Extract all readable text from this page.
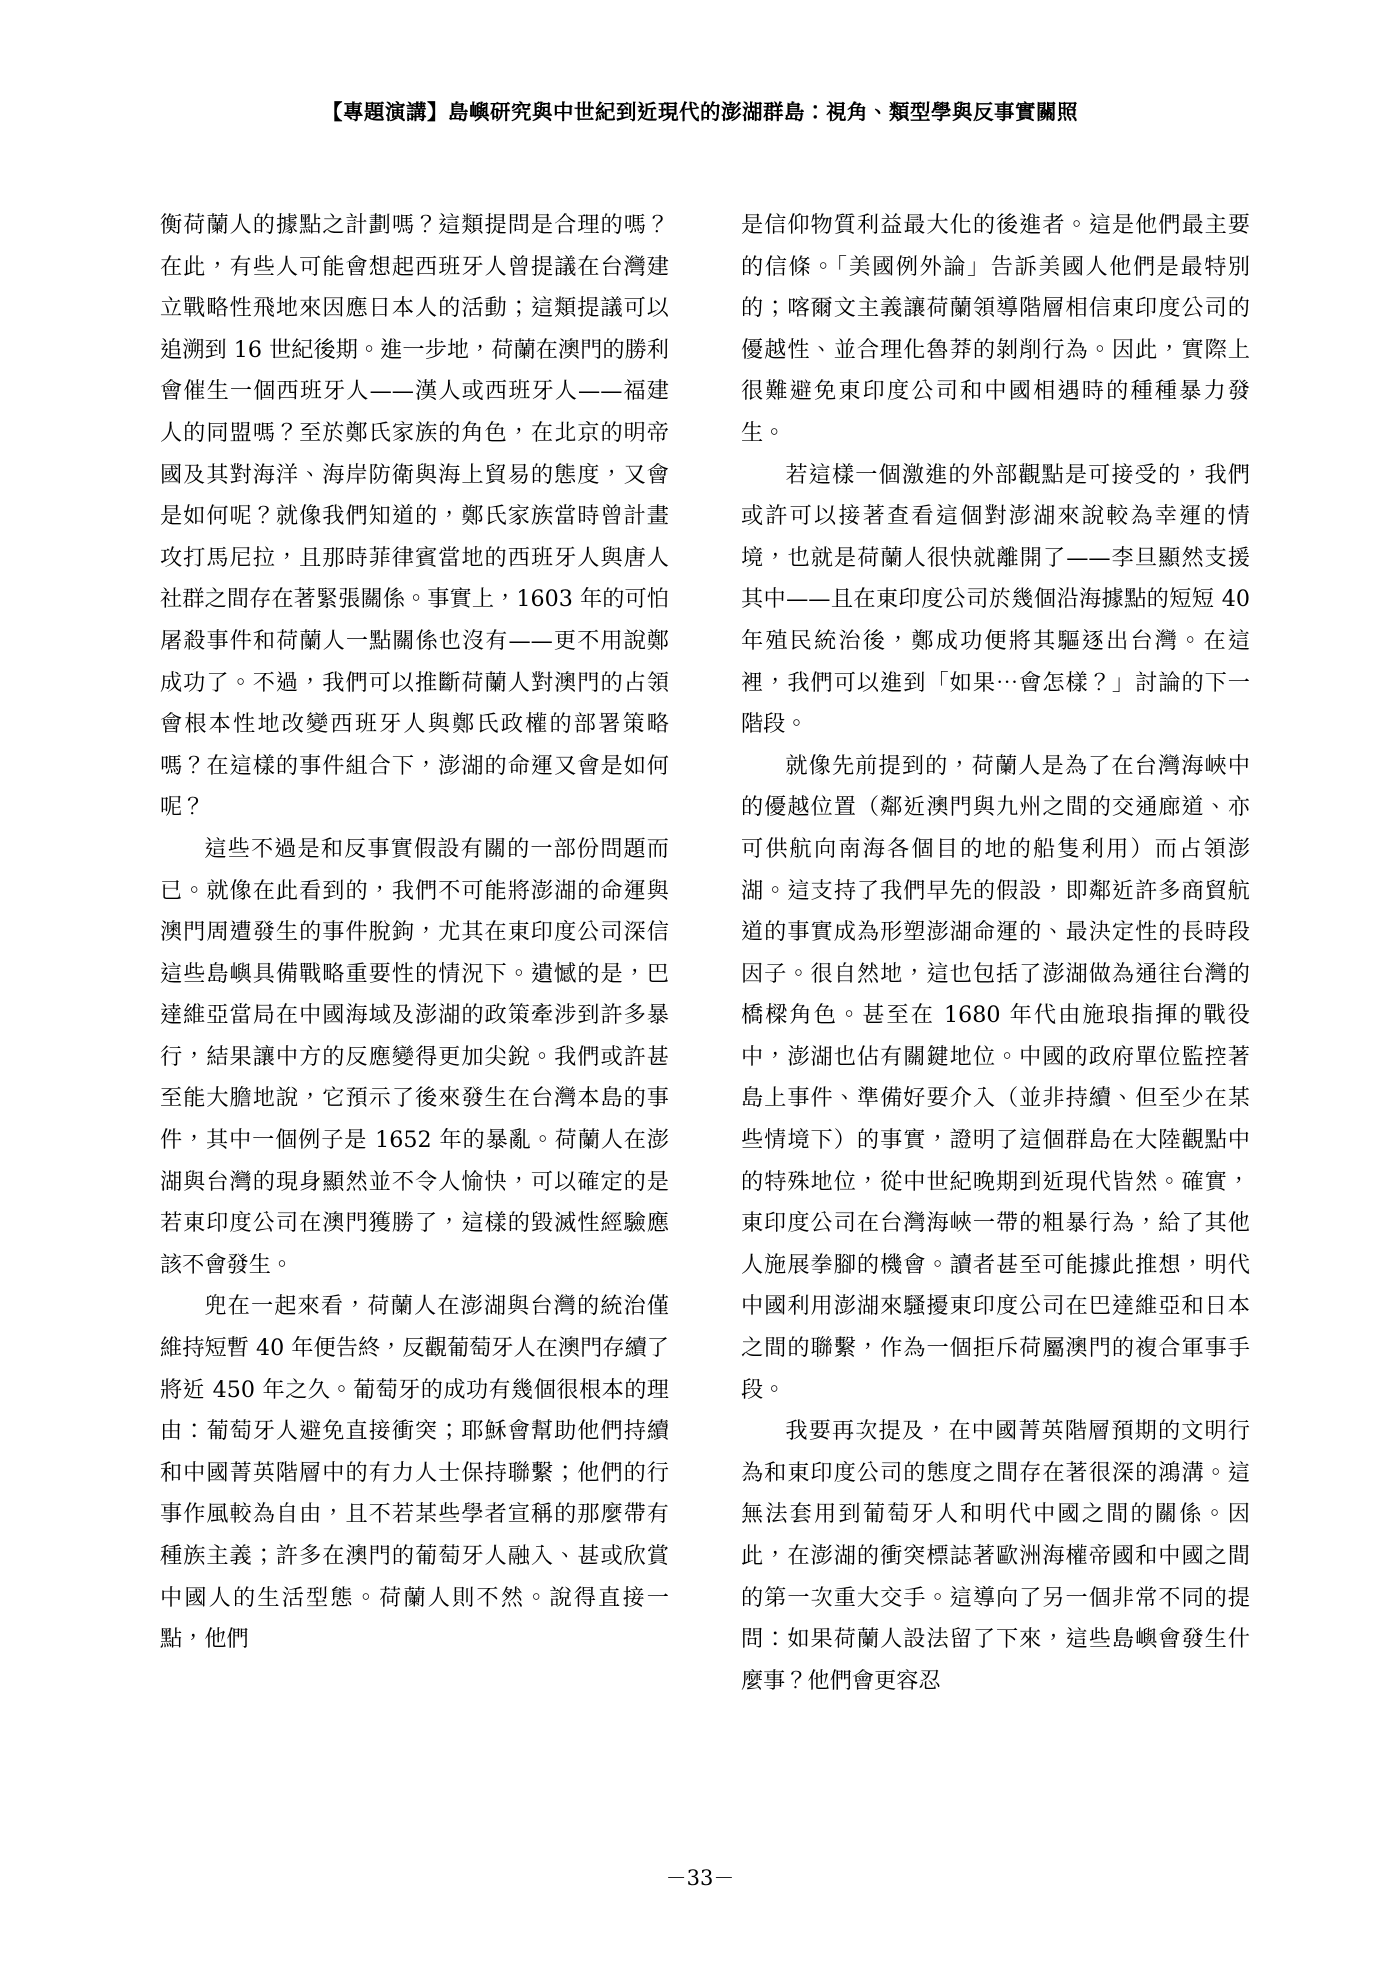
【專題演講】島嶼研究與中世紀到近現代的澎湖群島：視角、類型學與反事實關照

衡荷蘭人的據點之計劃嗎？這類提問是合理的嗎？在此，有些人可能會想起西班牙人曾提議在台灣建立戰略性飛地來因應日本人的活動；這類提議可以追溯到 16 世紀後期。進一步地，荷蘭在澳門的勝利會催生一個西班牙人——漢人或西班牙人——福建人的同盟嗎？至於鄭氏家族的角色，在北京的明帝國及其對海洋、海岸防衛與海上貿易的態度，又會是如何呢？就像我們知道的，鄭氏家族當時曾計畫攻打馬尼拉，且那時菲律賓當地的西班牙人與唐人社群之間存在著緊張關係。事實上，1603 年的可怕屠殺事件和荷蘭人一點關係也沒有——更不用說鄭成功了。不過，我們可以推斷荷蘭人對澳門的占領會根本性地改變西班牙人與鄭氏政權的部署策略嗎？在這樣的事件組合下，澎湖的命運又會是如何呢？

這些不過是和反事實假設有關的一部份問題而已。就像在此看到的，我們不可能將澎湖的命運與澳門周遭發生的事件脫鉤，尤其在東印度公司深信這些島嶼具備戰略重要性的情況下。遺憾的是，巴達維亞當局在中國海域及澎湖的政策牽涉到許多暴行，結果讓中方的反應變得更加尖銳。我們或許甚至能大膽地說，它預示了後來發生在台灣本島的事件，其中一個例子是 1652 年的暴亂。荷蘭人在澎湖與台灣的現身顯然並不令人愉快，可以確定的是若東印度公司在澳門獲勝了，這樣的毀滅性經驗應該不會發生。

兜在一起來看，荷蘭人在澎湖與台灣的統治僅維持短暫 40 年便告終，反觀葡萄牙人在澳門存續了將近 450 年之久。葡萄牙的成功有幾個很根本的理由：葡萄牙人避免直接衝突；耶穌會幫助他們持續和中國菁英階層中的有力人士保持聯繫；他們的行事作風較為自由，且不若某些學者宣稱的那麼帶有種族主義；許多在澳門的葡萄牙人融入、甚或欣賞中國人的生活型態。荷蘭人則不然。說得直接一點，他們

是信仰物質利益最大化的後進者。這是他們最主要的信條。「美國例外論」告訴美國人他們是最特別的；喀爾文主義讓荷蘭領導階層相信東印度公司的優越性、並合理化魯莽的剝削行為。因此，實際上很難避免東印度公司和中國相遇時的種種暴力發生。

若這樣一個激進的外部觀點是可接受的，我們或許可以接著查看這個對澎湖來說較為幸運的情境，也就是荷蘭人很快就離開了——李旦顯然支援其中——且在東印度公司於幾個沿海據點的短短 40 年殖民統治後，鄭成功便將其驅逐出台灣。在這裡，我們可以進到「如果⋯會怎樣？」討論的下一階段。

就像先前提到的，荷蘭人是為了在台灣海峽中的優越位置（鄰近澳門與九州之間的交通廊道、亦可供航向南海各個目的地的船隻利用）而占領澎湖。這支持了我們早先的假設，即鄰近許多商貿航道的事實成為形塑澎湖命運的、最決定性的長時段因子。很自然地，這也包括了澎湖做為通往台灣的橋樑角色。甚至在 1680 年代由施琅指揮的戰役中，澎湖也佔有關鍵地位。中國的政府單位監控著島上事件、準備好要介入（並非持續、但至少在某些情境下）的事實，證明了這個群島在大陸觀點中的特殊地位，從中世紀晚期到近現代皆然。確實，東印度公司在台灣海峽一帶的粗暴行為，給了其他人施展拳腳的機會。讀者甚至可能據此推想，明代中國利用澎湖來騷擾東印度公司在巴達維亞和日本之間的聯繫，作為一個拒斥荷屬澳門的複合軍事手段。

我要再次提及，在中國菁英階層預期的文明行為和東印度公司的態度之間存在著很深的鴻溝。這無法套用到葡萄牙人和明代中國之間的關係。因此，在澎湖的衝突標誌著歐洲海權帝國和中國之間的第一次重大交手。這導向了另一個非常不同的提問：如果荷蘭人設法留了下來，這些島嶼會發生什麼事？他們會更容忍

－33－
